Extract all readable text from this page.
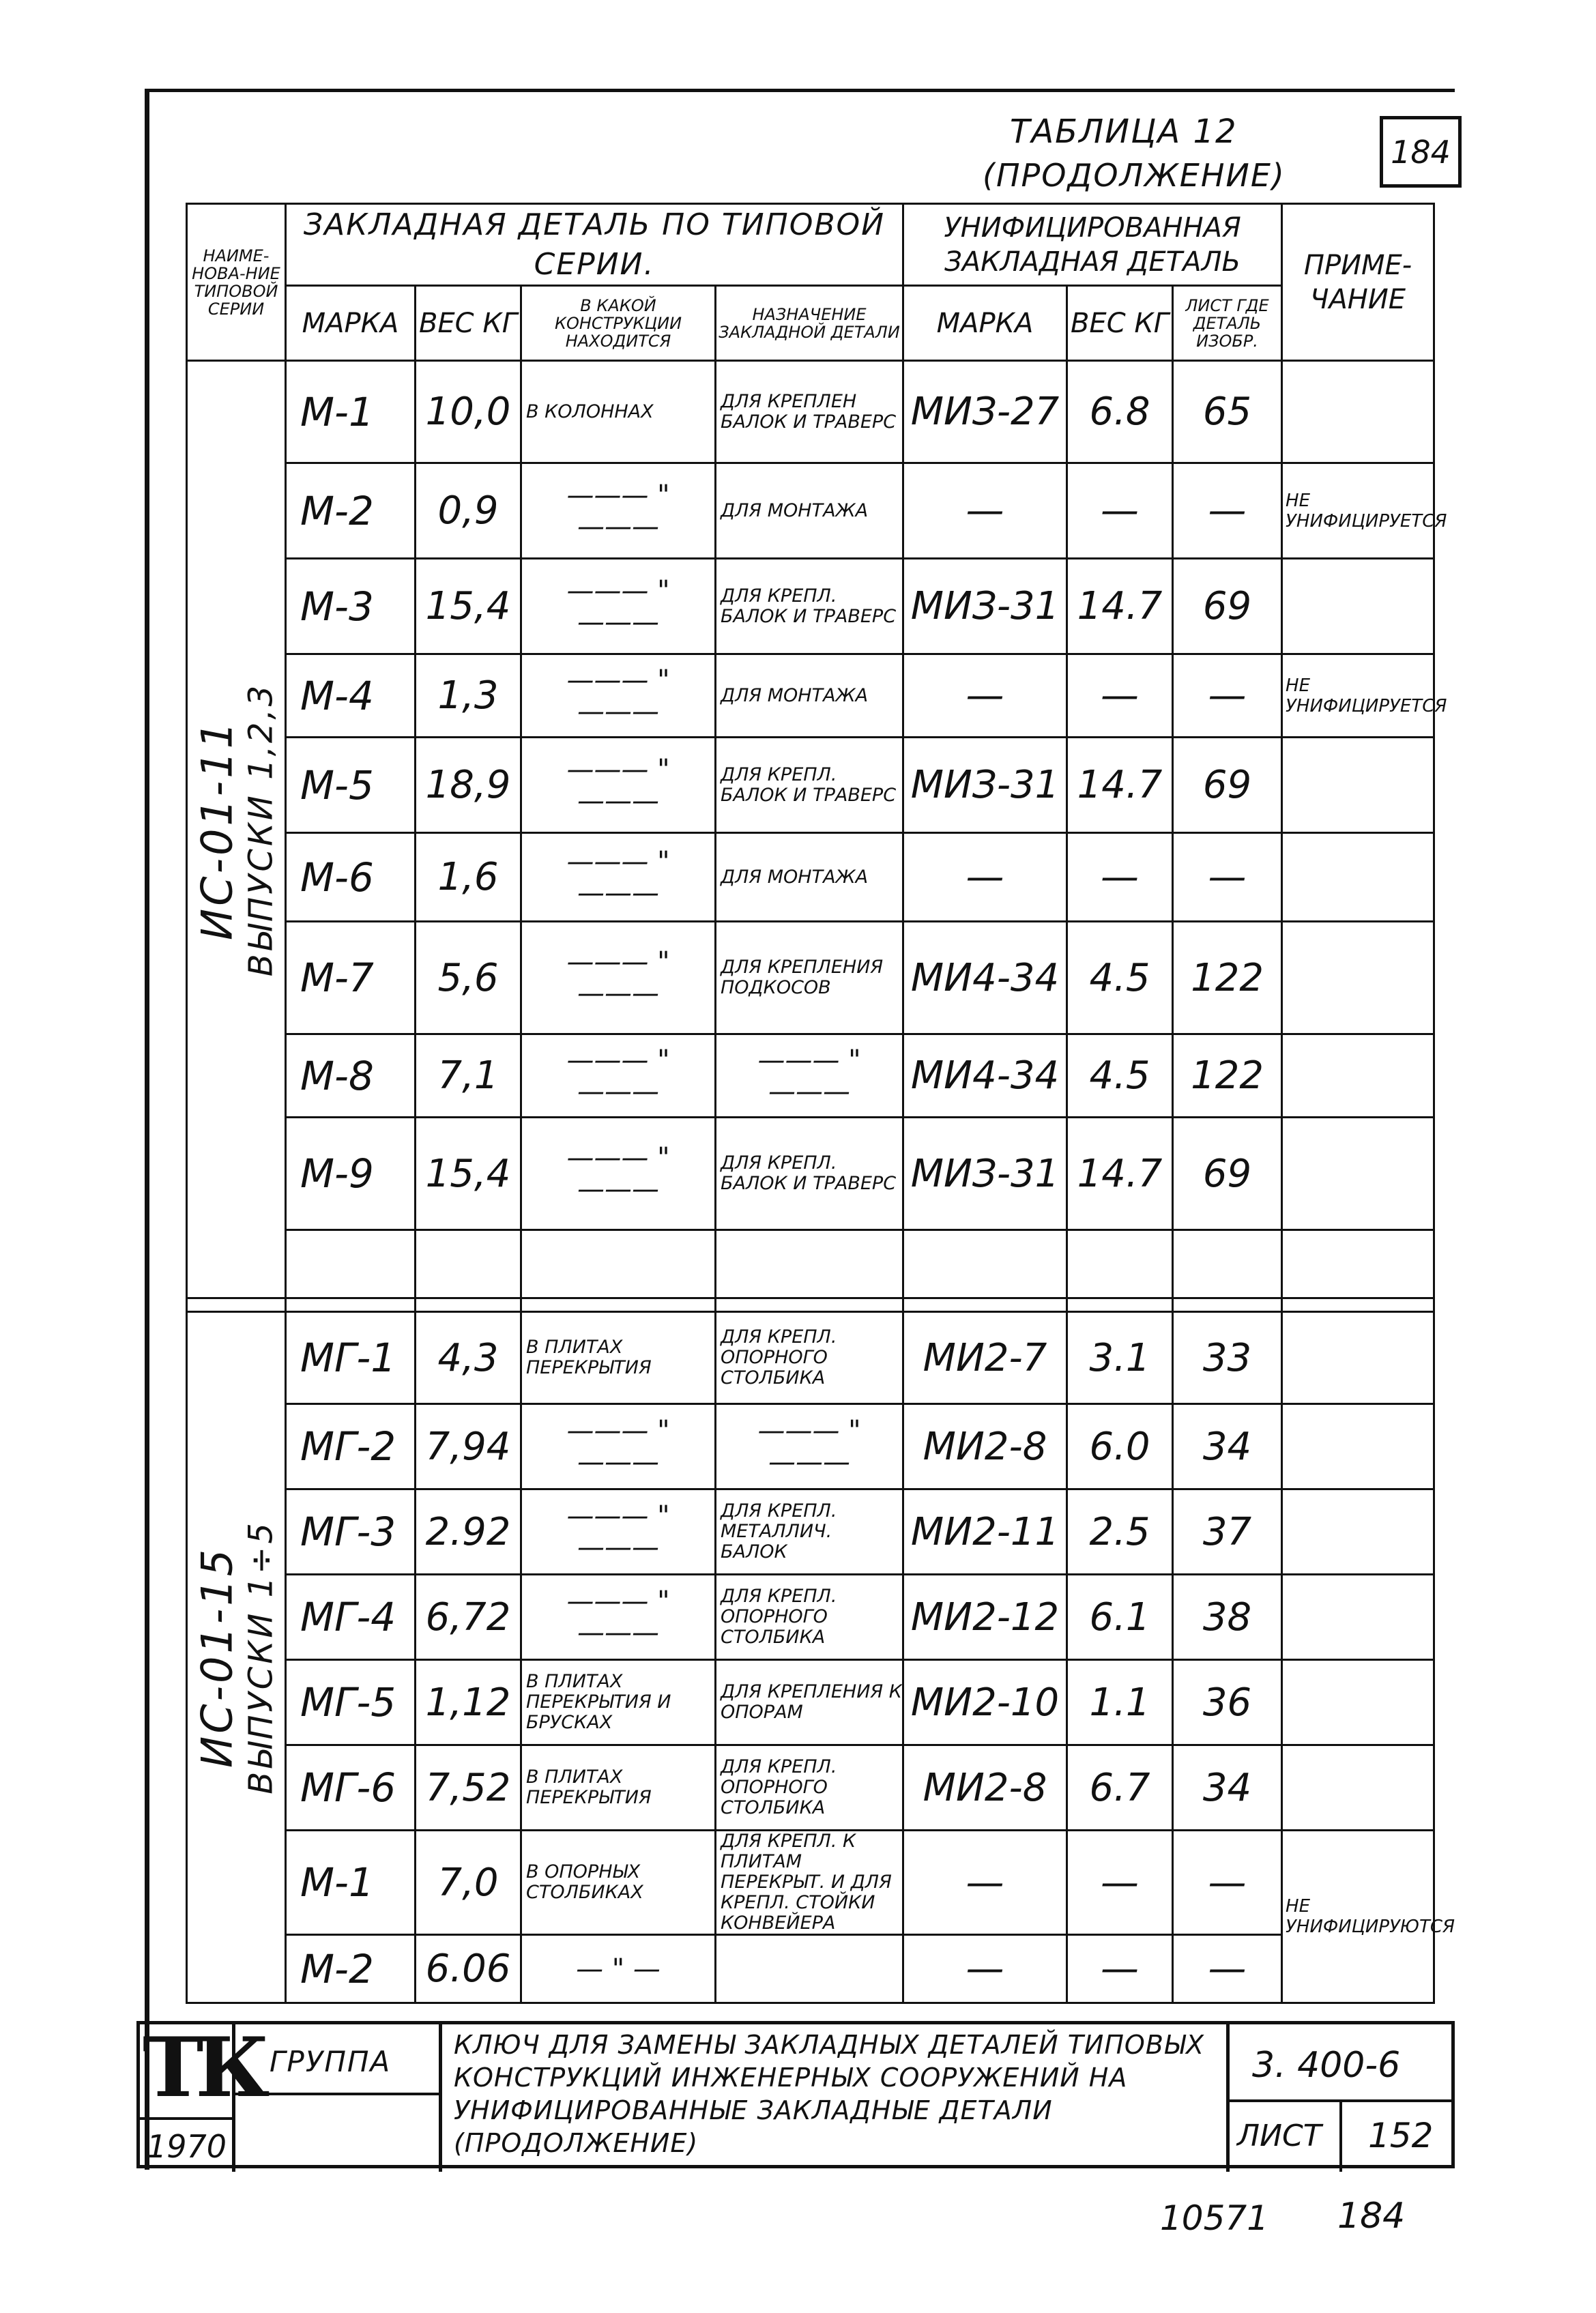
184
ТАБЛИЦА 12
(ПРОДОЛЖЕНИЕ)
НАИМЕ-НОВА-НИЕ ТИПОВОЙ СЕРИИ	ЗАКЛАДНАЯ ДЕТАЛЬ ПО ТИПОВОЙ СЕРИИ.				УНИФИЦИРОВАННАЯ ЗАКЛАДНАЯ ДЕТАЛЬ			ПРИМЕ-ЧАНИЕ
	МАРКА	ВЕС КГ	В КАКОЙ КОНСТРУКЦИИ НАХОДИТСЯ	НАЗНАЧЕНИЕ ЗАКЛАДНОЙ ДЕТАЛИ	МАРКА	ВЕС КГ	ЛИСТ ГДЕ ДЕТАЛЬ ИЗОБР.	

ИС-01-11 ВЫПУСКИ 1,2,3	М-1	10,0	В КОЛОННАХ	ДЛЯ КРЕПЛЕН БАЛОК И ТРАВЕРС	МИЗ-27	6.8	65	
	М-2	0,9	——— " ———	ДЛЯ МОНТАЖА	—	—	—	НЕ УНИФИЦИРУЕТСЯ
	М-3	15,4	——— " ———	ДЛЯ КРЕПЛ. БАЛОК И ТРАВЕРС	МИЗ-31	14.7	69	
	М-4	1,3	——— " ———	ДЛЯ МОНТАЖА	—	—	—	НЕ УНИФИЦИРУЕТСЯ
	М-5	18,9	——— " ———	ДЛЯ КРЕПЛ. БАЛОК И ТРАВЕРС	МИЗ-31	14.7	69	
	М-6	1,6	——— " ———	ДЛЯ МОНТАЖА	—	—	—	
	М-7	5,6	——— " ———	ДЛЯ КРЕПЛЕНИЯ ПОДКОСОВ	МИ4-34	4.5	122	
	М-8	7,1	——— " ———	——— " ———	МИ4-34	4.5	122	
	М-9	15,4	——— " ———	ДЛЯ КРЕПЛ. БАЛОК И ТРАВЕРС	МИЗ-31	14.7	69	

ИС-01-15 ВЫПУСКИ 1÷5	МГ-1	4,3	В ПЛИТАХ ПЕРЕКРЫТИЯ	ДЛЯ КРЕПЛ. ОПОРНОГО СТОЛБИКА	МИ2-7	3.1	33	
	МГ-2	7,94	——— " ———	——— " ———	МИ2-8	6.0	34	
	МГ-3	2.92	——— " ———	ДЛЯ КРЕПЛ. МЕТАЛЛИЧ. БАЛОК	МИ2-11	2.5	37	
	МГ-4	6,72	——— " ———	ДЛЯ КРЕПЛ. ОПОРНОГО СТОЛБИКА	МИ2-12	6.1	38	
	МГ-5	1,12	В ПЛИТАХ ПЕРЕКРЫТИЯ И БРУСКАХ	ДЛЯ КРЕПЛЕНИЯ К ОПОРАМ	МИ2-10	1.1	36	
	МГ-6	7,52	В ПЛИТАХ ПЕРЕКРЫТИЯ	ДЛЯ КРЕПЛ. ОПОРНОГО СТОЛБИКА	МИ2-8	6.7	34	
	М-1	7,0	В ОПОРНЫХ СТОЛБИКАХ	ДЛЯ КРЕПЛ. К ПЛИТАМ ПЕРЕКРЫТ. И ДЛЯ КРЕПЛ. СТОЙКИ КОНВЕЙЕРА	—	—	—	НЕ УНИФИЦИРУЮТСЯ
	М-2	6.06	— " —		—	—	—	
ТК
1970
ГРУППА КЛЮЧ ДЛЯ ЗАМЕНЫ ЗАКЛАДНЫХ ДЕТАЛЕЙ ТИПОВЫХ КОНСТРУКЦИЙ ИНЖЕНЕРНЫХ СООРУЖЕНИЙ НА УНИФИЦИРОВАННЫЕ ЗАКЛАДНЫЕ ДЕТАЛИ (ПРОДОЛЖЕНИЕ)
3. 400-6
ЛИСТ 152
10571 184
